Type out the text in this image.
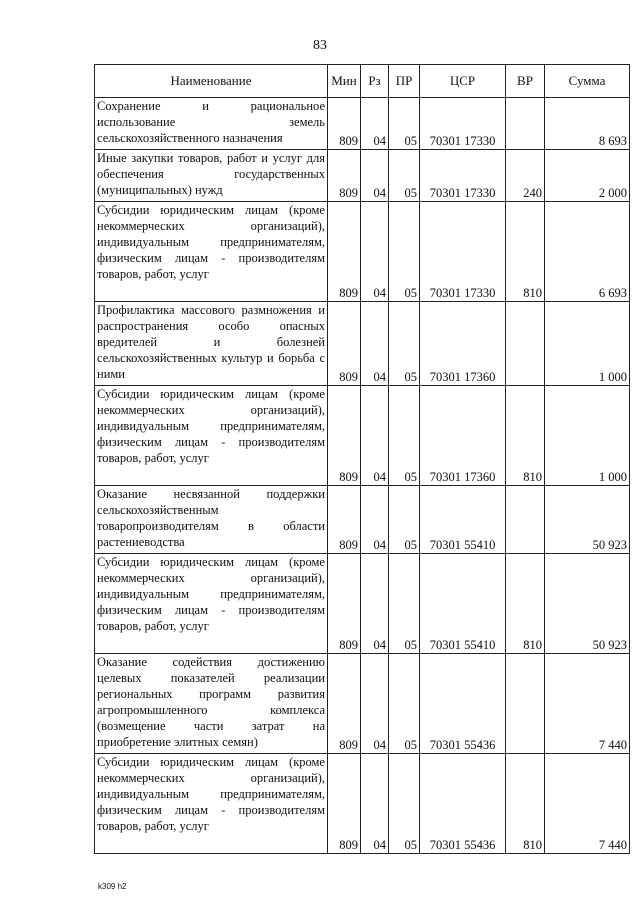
83
Наименование	Мин	Рз	ПР	ЦСР	ВР	Сумма
Сохранение и рациональное использование земель сельскохозяйственного назначения	809	04	05	70301 17330		8 693
Иные закупки товаров, работ и услуг для обеспечения государственных (муниципальных) нужд	809	04	05	70301 17330	240	2 000
Субсидии юридическим лицам (кроме некоммерческих организаций), индивидуальным предпринимателям, физическим лицам - производителям товаров, работ, услуг	809	04	05	70301 17330	810	6 693
Профилактика массового размножения и распространения особо опасных вредителей и болезней сельскохозяйственных культур и борьба с ними	809	04	05	70301 17360		1 000
Субсидии юридическим лицам (кроме некоммерческих организаций), индивидуальным предпринимателям, физическим лицам - производителям товаров, работ, услуг	809	04	05	70301 17360	810	1 000
Оказание несвязанной поддержки сельскохозяйственным товаропроизводителям в области растениеводства	809	04	05	70301 55410		50 923
Субсидии юридическим лицам (кроме некоммерческих организаций), индивидуальным предпринимателям, физическим лицам - производителям товаров, работ, услуг	809	04	05	70301 55410	810	50 923
Оказание содействия достижению целевых показателей реализации региональных программ развития агропромышленного комплекса (возмещение части затрат на приобретение элитных семян)	809	04	05	70301 55436		7 440
Субсидии юридическим лицам (кроме некоммерческих организаций), индивидуальным предпринимателям, физическим лицам - производителям товаров, работ, услуг	809	04	05	70301 55436	810	7 440
k309 h2
